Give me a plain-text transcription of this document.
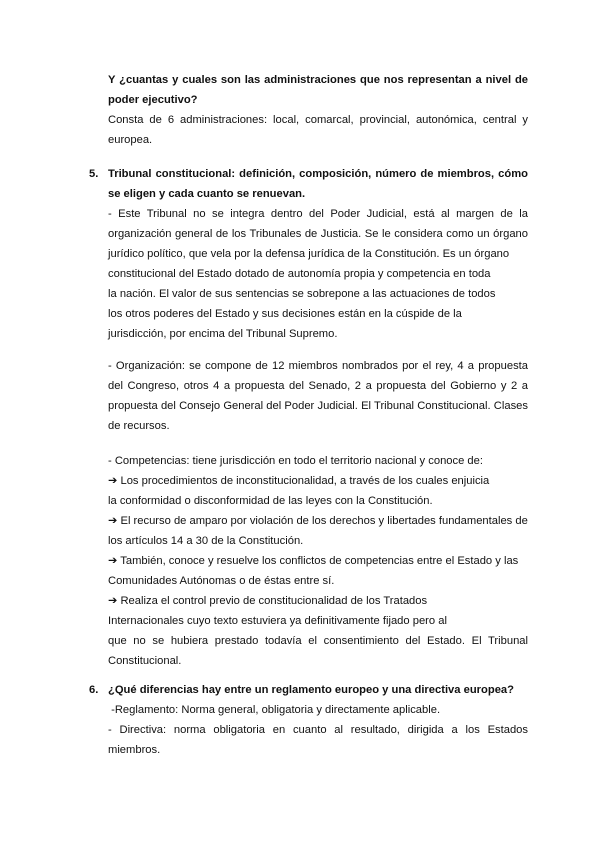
Y ¿cuantas y cuales son las administraciones que nos representan a nivel de
poder ejecutivo?
Consta de 6 administraciones: local, comarcal, provincial, autonómica, central y
europea.
5. Tribunal constitucional: definición, composición, número de miembros, cómo
se eligen y cada cuanto se renuevan.
- Este Tribunal no se integra dentro del Poder Judicial, está al margen de la
organización general de los Tribunales de Justicia. Se le considera como un órgano
jurídico político, que vela por la defensa jurídica de la Constitución. Es un órgano
constitucional del Estado dotado de autonomía propia y competencia en toda
la nación. El valor de sus sentencias se sobrepone a las actuaciones de todos
los otros poderes del Estado y sus decisiones están en la cúspide de la
jurisdicción, por encima del Tribunal Supremo.
- Organización: se compone de 12 miembros nombrados por el rey, 4 a propuesta
del Congreso, otros 4 a propuesta del Senado, 2 a propuesta del Gobierno y 2 a
propuesta del Consejo General del Poder Judicial. El Tribunal Constitucional. Clases
de recursos.
- Competencias: tiene jurisdicción en todo el territorio nacional y conoce de:
➔ Los procedimientos de inconstitucionalidad, a través de los cuales enjuicia
la conformidad o disconformidad de las leyes con la Constitución.
➔ El recurso de amparo por violación de los derechos y libertades fundamentales de
los artículos 14 a 30 de la Constitución.
➔ También, conoce y resuelve los conflictos de competencias entre el Estado y las
Comunidades Autónomas o de éstas entre sí.
➔ Realiza el control previo de constitucionalidad de los Tratados
Internacionales cuyo texto estuviera ya definitivamente fijado pero al
que no se hubiera prestado todavía el consentimiento del Estado. El Tribunal
Constitucional.
6. ¿Qué diferencias hay entre un reglamento europeo y una directiva europea?
-Reglamento: Norma general, obligatoria y directamente aplicable.
- Directiva: norma obligatoria en cuanto al resultado, dirigida a los Estados
miembros.
